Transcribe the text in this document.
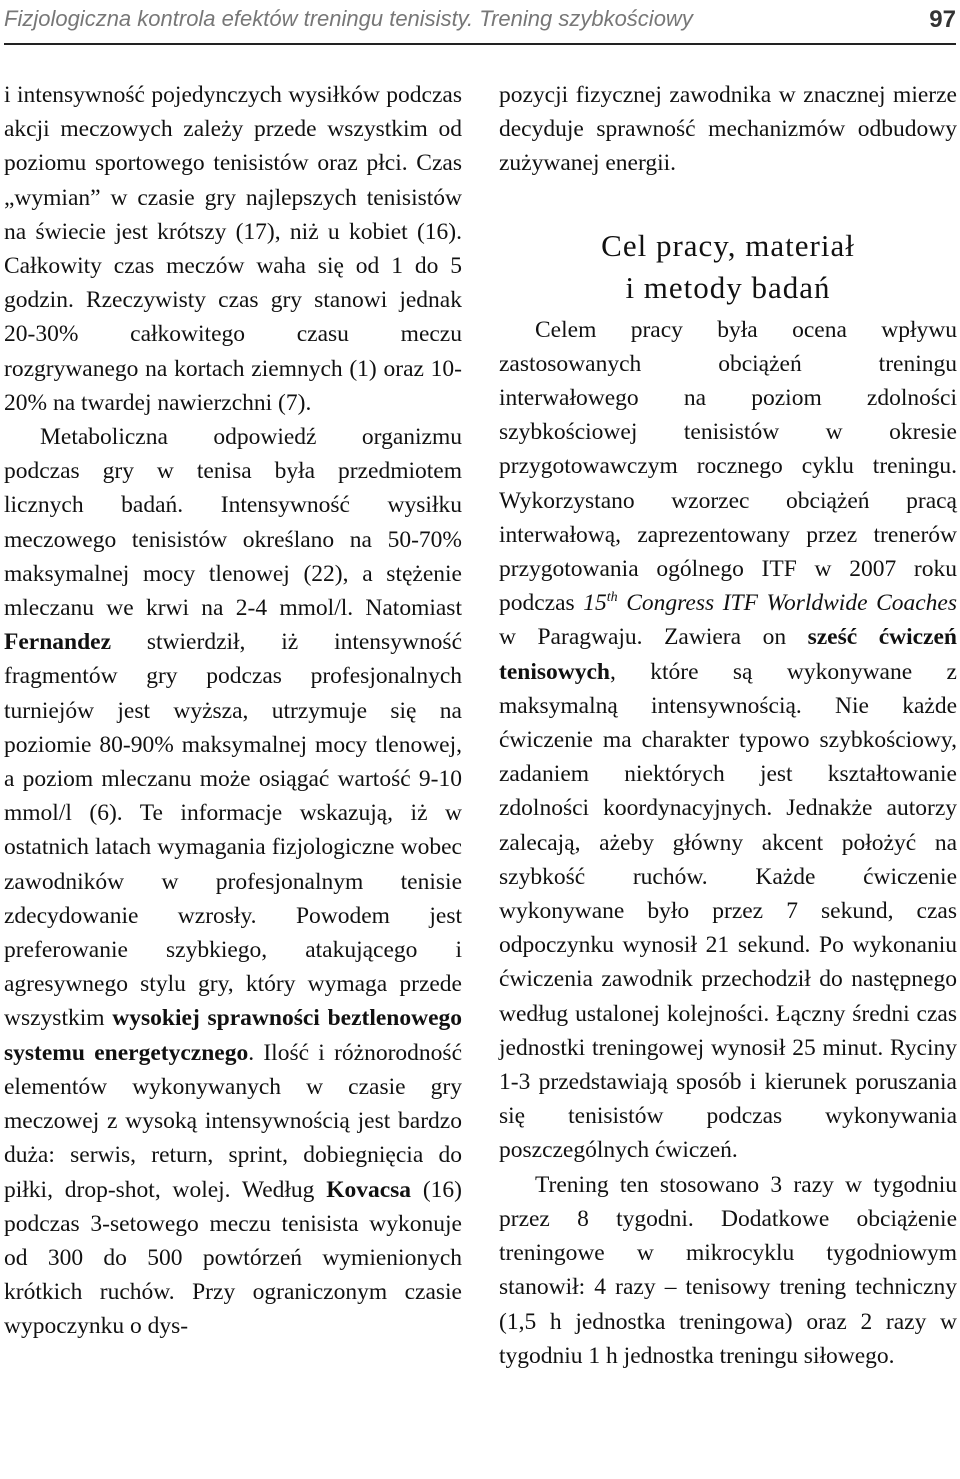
Fizjologiczna kontrola efektów treningu tenisisty. Trening szybkościowy	97

i intensywność pojedynczych wysiłków podczas akcji meczowych zależy przede wszystkim od poziomu sportowego tenisistów oraz płci. Czas „wymian” w czasie gry najlepszych tenisistów na świecie jest krótszy (17), niż u kobiet (16). Całkowity czas meczów waha się od 1 do 5 godzin. Rzeczywisty czas gry stanowi jednak 20-30% całkowitego czasu meczu rozgrywanego na kortach ziemnych (1) oraz 10-20% na twardej nawierzchni (7).

Metaboliczna odpowiedź organizmu podczas gry w tenisa była przedmiotem licznych badań. Intensywność wysiłku meczowego tenisistów określano na 50-70% maksymalnej mocy tlenowej (22), a stężenie mleczanu we krwi na 2-4 mmol/l. Natomiast Fernandez stwierdził, iż intensywność fragmentów gry podczas profesjonalnych turniejów jest wyższa, utrzymuje się na poziomie 80-90% maksymalnej mocy tlenowej, a poziom mleczanu może osiągać wartość 9-10 mmol/l (6). Te informacje wskazują, iż w ostatnich latach wymagania fizjologiczne wobec zawodników w profesjonalnym tenisie zdecydowanie wzrosły. Powodem jest preferowanie szybkiego, atakującego i agresywnego stylu gry, który wymaga przede wszystkim wysokiej sprawności beztlenowego systemu energetycznego. Ilość i różnorodność elementów wykonywanych w czasie gry meczowej z wysoką intensywnością jest bardzo duża: serwis, return, sprint, dobiegnięcia do piłki, drop-shot, wolej. Według Kovacsa (16) podczas 3-setowego meczu tenisista wykonuje od 300 do 500 powtórzeń wymienionych krótkich ruchów. Przy ograniczonym czasie wypoczynku o dys-

pozycji fizycznej zawodnika w znacznej mierze decyduje sprawność mechanizmów odbudowy zużywanej energii.

Cel pracy, materiał
i metody badań

Celem pracy była ocena wpływu zastosowanych obciążeń treningu interwałowego na poziom zdolności szybkościowej tenisistów w okresie przygotowawczym rocznego cyklu treningu. Wykorzystano wzorzec obciążeń pracą interwałową, zaprezentowany przez trenerów przygotowania ogólnego ITF w 2007 roku podczas 15th Congress ITF Worldwide Coaches w Paragwaju. Zawiera on sześć ćwiczeń tenisowych, które są wykonywane z maksymalną intensywnością. Nie każde ćwiczenie ma charakter typowo szybkościowy, zadaniem niektórych jest kształtowanie zdolności koordynacyjnych. Jednakże autorzy zalecają, ażeby główny akcent położyć na szybkość ruchów. Każde ćwiczenie wykonywane było przez 7 sekund, czas odpoczynku wynosił 21 sekund. Po wykonaniu ćwiczenia zawodnik przechodził do następnego według ustalonej kolejności. Łączny średni czas jednostki treningowej wynosił 25 minut. Ryciny 1-3 przedstawiają sposób i kierunek poruszania się tenisistów podczas wykonywania poszczególnych ćwiczeń.

Trening ten stosowano 3 razy w tygodniu przez 8 tygodni. Dodatkowe obciążenie treningowe w mikrocyklu tygodniowym stanowił: 4 razy – tenisowy trening techniczny (1,5 h jednostka treningowa) oraz 2 razy w tygodniu 1 h jednostka treningu siłowego.
